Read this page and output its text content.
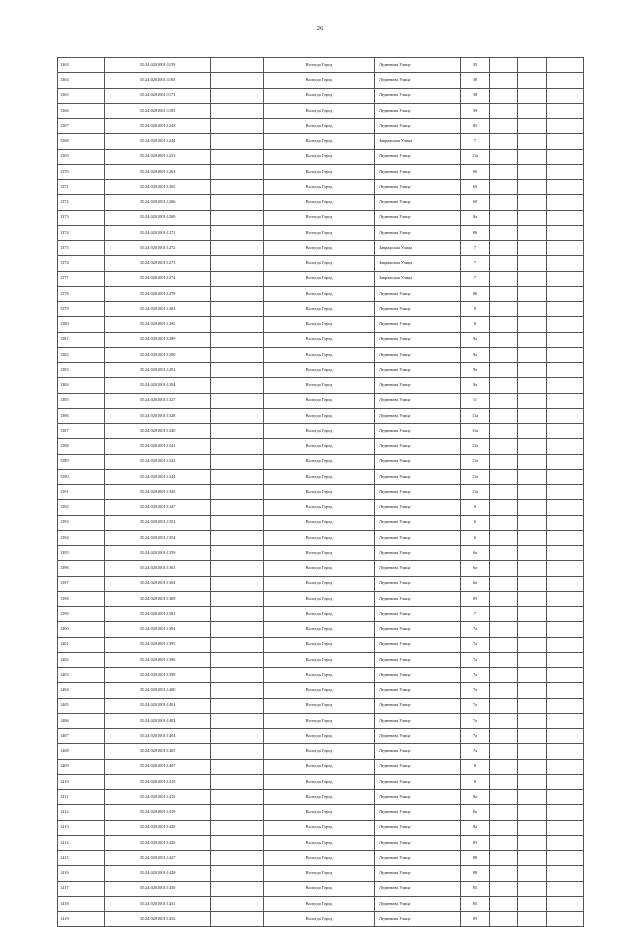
26
1363	35:24:0201001:1159		Вологда Город	Ледневова Улица	35			
1364	35:24:0201001:1165		Вологда Город	Ледневова Улица	38			
1365	35:24:0201001:1173		Вологда Город	Ледневова Улица	38			
1366	35:24:0201001:1183		Вологда Город	Ледневова Улица	39			
1367	35:24:0201001:1243		Вологда Город	Ледневова Улица	85			
1368	35:24:0201001:1244		Вологда Город	Завражская Улица	7			
1369	35:24:0201001:1253		Вологда Город	Ледневова Улица	11а			
1370	35:24:0201001:1263		Вологда Город	Ледневова Улица	90			
1371	35:24:0201001:1265		Вологда Город	Ледневова Улица	69			
1372	35:24:0201001:1266		Вологда Город	Ледневова Улица	69			
1373	35:24:0201001:1269		Вологда Город	Ледневова Улица	8а			
1374	35:24:0201001:1271		Вологда Город	Ледневова Улица	86			
1375	35:24:0201001:1272		Вологда Город	Завражская Улица	7			
1376	35:24:0201001:1273		Вологда Город	Завражская Улица	7			
1377	35:24:0201001:1274		Вологда Город	Завражская Улица	7			
1378	35:24:0201001:1279		Вологда Город	Ледневова Улица	86			
1379	35:24:0201001:1283		Вологда Город	Ледневова Улица	9			
1380	35:24:0201001:1285		Вологда Город	Ледневова Улица	8			
1381	35:24:0201001:1289		Вологда Город	Ледневова Улица	9а			
1382	35:24:0201001:1290		Вологда Город	Ледневова Улица	9а			
1383	35:24:0201001:1292		Вологда Город	Ледневова Улица	9а			
1384	35:24:0201001:1294		Вологда Город	Ледневова Улица	9а			
1385	35:24:0201001:1327		Вологда Город	Ледневова Улица	11			
1386	35:24:0201001:1328		Вологда Город	Ледневова Улица	11а			
1387	35:24:0201001:1340		Вологда Город	Ледневова Улица	11а			
1388	35:24:0201001:1341		Вологда Город	Ледневова Улица	11а			
1389	35:24:0201001:1342		Вологда Город	Ледневова Улица	11а			
1390	35:24:0201001:1344		Вологда Город	Ледневова Улица	11а			
1391	35:24:0201001:1345		Вологда Город	Ледневова Улица	11а			
1392	35:24:0201001:1347		Вологда Город	Ледневова Улица	6			
1393	35:24:0201001:1352		Вологда Город	Ледневова Улица	6			
1394	35:24:0201001:1354		Вологда Город	Ледневова Улица	6			
1395	35:24:0201001:1359		Вологда Город	Ледневова Улица	6а			
1396	35:24:0201001:1363		Вологда Город	Ледневова Улица	6а			
1397	35:24:0201001:1364		Вологда Город	Ледневова Улица	6а			
1398	35:24:0201001:1369		Вологда Город	Ледневова Улица	85			
1399	35:24:0201001:1381		Вологда Город	Ледневова Улица	7			
1400	35:24:0201001:1394		Вологда Город	Ледневова Улица	7а			
1401	35:24:0201001:1395		Вологда Город	Ледневова Улица	7а			
1402	35:24:0201001:1396		Вологда Город	Ледневова Улица	7а			
1403	35:24:0201001:1399		Вологда Город	Ледневова Улица	7а			
1404	35:24:0201001:1400		Вологда Город	Ледневова Улица	7а			
1405	35:24:0201001:1401		Вологда Город	Ледневова Улица	7а			
1406	35:24:0201001:1403		Вологда Город	Ледневова Улица	7а			
1407	35:24:0201001:1404		Вологда Город	Ледневова Улица	7а			
1408	35:24:0201001:1405		Вологда Город	Ледневова Улица	7а			
1409	35:24:0201001:1407		Вологда Город	Ледневова Улица	8			
1410	35:24:0201001:1410		Вологда Город	Ледневова Улица	8			
1411	35:24:0201001:1415		Вологда Город	Ледневова Улица	8а			
1412	35:24:0201001:1419		Вологда Город	Ледневова Улица	8а			
1413	35:24:0201001:1420		Вологда Город	Ледневова Улица	8а			
1414	35:24:0201001:1426		Вологда Город	Ледневова Улица	85			
1415	35:24:0201001:1427		Вологда Город	Ледневова Улица	88			
1416	35:24:0201001:1428		Вологда Город	Ледневова Улица	88			
1417	35:24:0201001:1430		Вологда Город	Ледневова Улица	85			
1418	35:24:0201001:1431		Вологда Город	Ледневова Улица	85			
1419	35:24:0201001:1432		Вологда Город	Ледневова Улица	85			
